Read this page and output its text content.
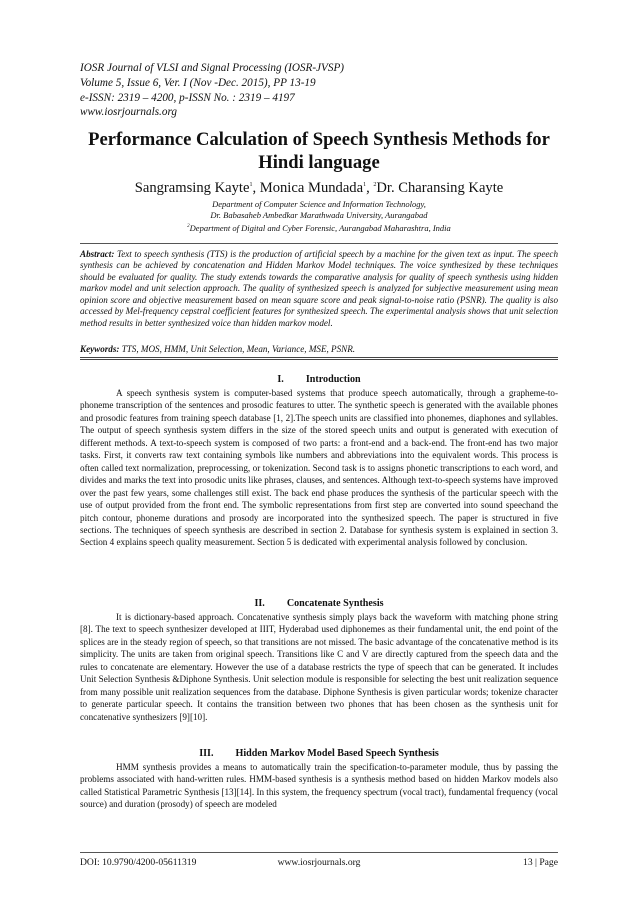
IOSR Journal of VLSI and Signal Processing (IOSR-JVSP)
Volume 5, Issue 6, Ver. I (Nov -Dec. 2015), PP 13-19
e-ISSN: 2319 – 4200, p-ISSN No. : 2319 – 4197
www.iosrjournals.org
Performance Calculation of Speech Synthesis Methods for Hindi language
Sangramsing Kayte$^1$, Monica Mundada$^1$, $^2$Dr. Charansing Kayte
Department of Computer Science and Information Technology,
Dr. Babasaheb Ambedkar Marathwada University, Aurangabad
$^2$Department of Digital and Cyber Forensic, Aurangabad Maharashtra, India
Abstract: Text to speech synthesis (TTS) is the production of artificial speech by a machine for the given text as input. The speech synthesis can be achieved by concatenation and Hidden Markov Model techniques. The voice synthesized by these techniques should be evaluated for quality. The study extends towards the comparative analysis for quality of speech synthesis using hidden markov model and unit selection approach. The quality of synthesized speech is analyzed for subjective measurement using mean opinion score and objective measurement based on mean square score and peak signal-to-noise ratio (PSNR). The quality is also accessed by Mel-frequency cepstral coefficient features for synthesized speech. The experimental analysis shows that unit selection method results in better synthesized voice than hidden markov model.
Keywords: TTS, MOS, HMM, Unit Selection, Mean, Variance, MSE, PSNR.
I. Introduction
A speech synthesis system is computer-based systems that produce speech automatically, through a grapheme-to-phoneme transcription of the sentences and prosodic features to utter. The synthetic speech is generated with the available phones and prosodic features from training speech database [1, 2].The speech units are classified into phonemes, diaphones and syllables. The output of speech synthesis system differs in the size of the stored speech units and output is generated with execution of different methods. A text-to-speech system is composed of two parts: a front-end and a back-end. The front-end has two major tasks. First, it converts raw text containing symbols like numbers and abbreviations into the equivalent words. This process is often called text normalization, preprocessing, or tokenization. Second task is to assigns phonetic transcriptions to each word, and divides and marks the text into prosodic units like phrases, clauses, and sentences. Although text-to-speech systems have improved over the past few years, some challenges still exist. The back end phase produces the synthesis of the particular speech with the use of output provided from the front end. The symbolic representations from first step are converted into sound speechand the pitch contour, phoneme durations and prosody are incorporated into the synthesized speech. The paper is structured in five sections. The techniques of speech synthesis are described in section 2. Database for synthesis system is explained in section 3. Section 4 explains speech quality measurement. Section 5 is dedicated with experimental analysis followed by conclusion.
II. Concatenate Synthesis
It is dictionary-based approach. Concatenative synthesis simply plays back the waveform with matching phone string [8]. The text to speech synthesizer developed at IIIT, Hyderabad used diphonemes as their fundamental unit, the end point of the splices are in the steady region of speech, so that transitions are not missed. The basic advantage of the concatenative method is its simplicity. The units are taken from original speech. Transitions like C and V are directly captured from the speech data and the rules to concatenate are elementary. However the use of a database restricts the type of speech that can be generated. It includes Unit Selection Synthesis &Diphone Synthesis. Unit selection module is responsible for selecting the best unit realization sequence from many possible unit realization sequences from the database. Diphone Synthesis is given particular words; tokenize character to generate particular speech. It contains the transition between two phones that has been chosen as the synthesis unit for concatenative synthesizers [9][10].
III. Hidden Markov Model Based Speech Synthesis
HMM synthesis provides a means to automatically train the specification-to-parameter module, thus by passing the problems associated with hand-written rules. HMM-based synthesis is a synthesis method based on hidden Markov models also called Statistical Parametric Synthesis [13][14]. In this system, the frequency spectrum (vocal tract), fundamental frequency (vocal source) and duration (prosody) of speech are modeled
DOI: 10.9790/4200-05611319	www.iosrjournals.org	13 | Page
